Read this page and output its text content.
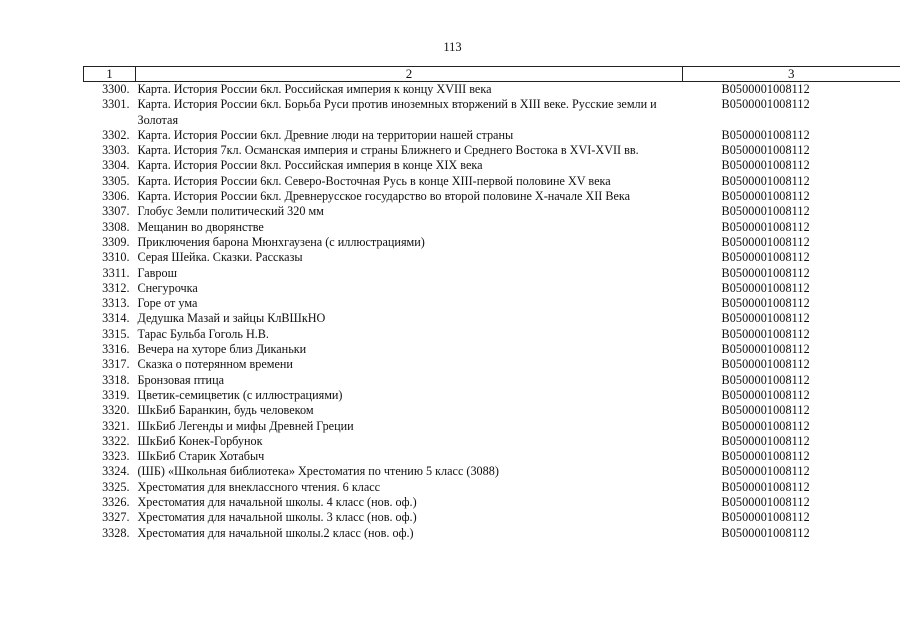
113
1	2	3
3300.	Карта. История России 6кл. Российская империя к концу XVIII века	B0500001008112
3301.	Карта. История России 6кл. Борьба Руси против иноземных вторжений в XIII веке. Русские земли и Золотая	B0500001008112
3302.	Карта. История России 6кл. Древние люди на территории нашей страны	B0500001008112
3303.	Карта. История 7кл. Османская империя и страны Ближнего и Среднего Востока в XVI-XVII вв.	B0500001008112
3304.	Карта. История России 8кл. Российская империя в конце XIX века	B0500001008112
3305.	Карта. История России 6кл. Северо-Восточная Русь в конце XIII-первой половине XV века	B0500001008112
3306.	Карта. История России 6кл. Древнерусское государство во второй половине X-начале XII Века	B0500001008112
3307.	Глобус Земли политический 320 мм	B0500001008112
3308.	Мещанин во дворянстве	B0500001008112
3309.	Приключения барона Мюнхгаузена (с иллюстрациями)	B0500001008112
3310.	Серая Шейка. Сказки. Рассказы	B0500001008112
3311.	Гаврош	B0500001008112
3312.	Снегурочка	B0500001008112
3313.	Горе от ума	B0500001008112
3314.	Дедушка Мазай и зайцы КлВШкНО	B0500001008112
3315.	Тарас Бульба Гоголь Н.В.	B0500001008112
3316.	Вечера на хуторе близ Диканьки	B0500001008112
3317.	Сказка о потерянном времени	B0500001008112
3318.	Бронзовая птица	B0500001008112
3319.	Цветик-семицветик (с иллюстрациями)	B0500001008112
3320.	ШкБиб Баранкин, будь человеком	B0500001008112
3321.	ШкБиб Легенды и мифы Древней Греции	B0500001008112
3322.	ШкБиб Конек-Горбунок	B0500001008112
3323.	ШкБиб Старик Хотабыч	B0500001008112
3324.	(ШБ) «Школьная библиотека» Хрестоматия по чтению 5 класс (3088)	B0500001008112
3325.	Хрестоматия для внеклассного чтения. 6 класс	B0500001008112
3326.	Хрестоматия для начальной школы. 4 класс (нов. оф.)	B0500001008112
3327.	Хрестоматия для начальной школы. 3 класс (нов. оф.)	B0500001008112
3328.	Хрестоматия для начальной школы.2 класс (нов. оф.)	B0500001008112
